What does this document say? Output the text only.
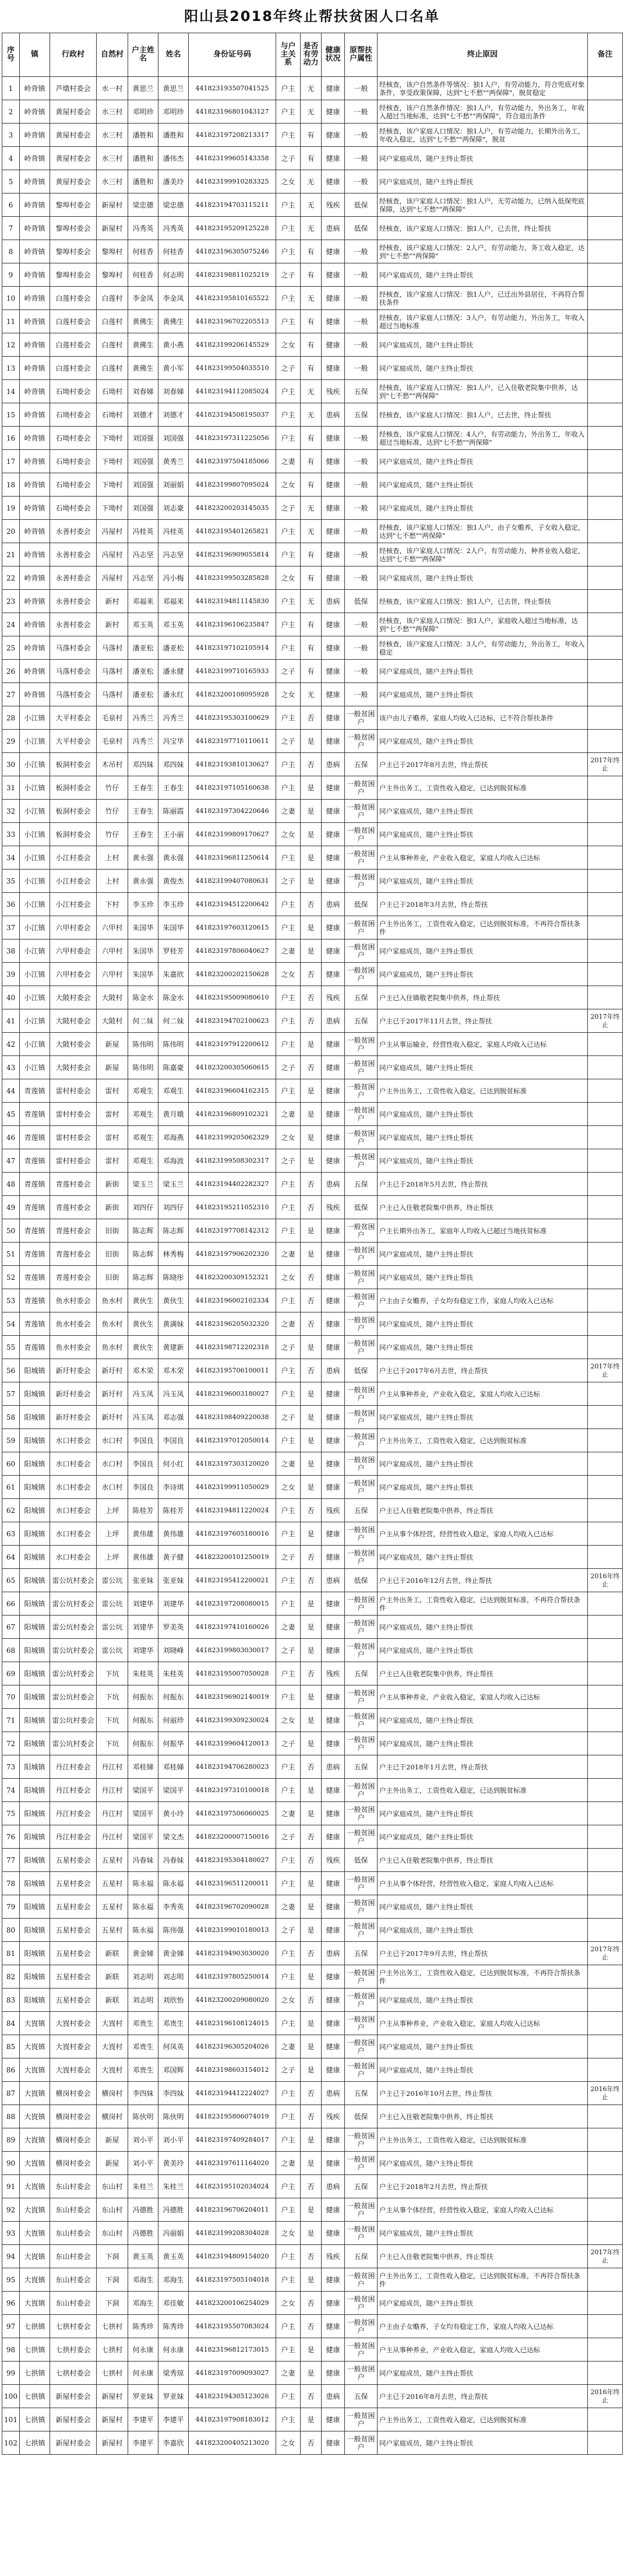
阳山县2018年终止帮扶贫困人口名单
序号	镇	行政村	自然村	户主姓名	姓名	身份证号码	与户主关系	是否有劳动力	健康状况	原帮扶户属性	终止原因	备注
1	岭背镇	芦墩村委会	水一村	黄思兰	黄思兰	441823193507041525	户主	无	健康	一般	经核查，该户自然条件等情况：独1人户，有劳动能力，符合兜底对象条件，享受政策保障，达到"七不愁""两保障"，脱贫稳定	
2	岭背镇	黄屋村委会	水三村	邓明珍	邓明珍	441823196801043127	户主	无	健康	一般	经核查，该户自然条件情况：独1人户，有劳动能力，外出务工，年收入超过当地标准，达到"七不愁""两保障"，符合退出条件	
3	岭背镇	黄屋村委会	水三村	潘胜和	潘胜和	441823197208213317	户主	有	健康	一般	经核查，该户家庭人口情况：独1人户，有劳动能力，长期外出务工，年收入稳定，达到"七不愁""两保障"，脱贫	
4	岭背镇	黄屋村委会	水三村	潘胜和	潘伟杰	441823199605143358	之子	有	健康	一般	同户家庭成员，随户主终止帮扶	
5	岭背镇	黄屋村委会	水三村	潘胜和	潘美玲	441823199910283325	之女	无	健康	一般	同户家庭成员，随户主终止帮扶	
6	岭背镇	黎埠村委会	新屋村	梁忠德	梁忠德	441823194703115211	户主	无	残疾	低保	经核查，该户家庭人口情况：独1人户，无劳动能力，已纳入低保兜底保障，达到"七不愁""两保障"	
7	岭背镇	黎埠村委会	新屋村	冯秀英	冯秀英	441823195209125228	户主	无	患病	低保	经核查，该户家庭人口情况：独1人户，已去世，终止帮扶	
8	岭背镇	黎埠村委会	黎埠村	何桂香	何桂香	441823196305075246	户主	有	健康	一般	经核查，该户家庭人口情况：2人户，有劳动能力，务工收入稳定，达到"七不愁""两保障"	
9	岭背镇	黎埠村委会	黎埠村	何桂香	何志明	441823198811025219	之子	有	健康	一般	同户家庭成员，随户主终止帮扶	
10	岭背镇	白莲村委会	白莲村	李金凤	李金凤	441823195810165522	户主	无	健康	一般	经核查，该户家庭人口情况：独1人户，已迁出外县居住，不再符合帮扶条件	
11	岭背镇	白莲村委会	白莲村	黄佛生	黄佛生	441823196702205513	户主	有	健康	一般	经核查，该户家庭人口情况：3人户，有劳动能力，外出务工，年收入超过当地标准	
12	岭背镇	白莲村委会	白莲村	黄佛生	黄小燕	441823199206145529	之女	有	健康	一般	同户家庭成员，随户主终止帮扶	
13	岭背镇	白莲村委会	白莲村	黄佛生	黄小军	441823199504035510	之子	有	健康	一般	同户家庭成员，随户主终止帮扶	
14	岭背镇	石坳村委会	石坳村	刘春娣	刘春娣	441823194112085024	户主	无	残疾	五保	经核查，该户家庭人口情况：独1人户，已入住敬老院集中供养，达到"七不愁""两保障"	
15	岭背镇	石坳村委会	石坳村	刘德才	刘德才	441823194508195037	户主	无	患病	五保	经核查，该户家庭人口情况：独1人户，已去世，终止帮扶	
16	岭背镇	石坳村委会	下坳村	刘国强	刘国强	441823197311225056	户主	有	健康	一般	经核查，该户家庭人口情况：4人户，有劳动能力，外出务工，年收入超过当地标准，达到"七不愁""两保障"	
17	岭背镇	石坳村委会	下坳村	刘国强	黄秀兰	441823197504185066	之妻	有	健康	一般	同户家庭成员，随户主终止帮扶	
18	岭背镇	石坳村委会	下坳村	刘国强	刘丽娟	441823199807095024	之女	有	健康	一般	同户家庭成员，随户主终止帮扶	
19	岭背镇	石坳村委会	下坳村	刘国强	刘志豪	441823200203145035	之子	无	健康	一般	同户家庭成员，随户主终止帮扶	
20	岭背镇	永善村委会	冯屋村	冯桂英	冯桂英	441823195401265821	户主	无	健康	一般	经核查，该户家庭人口情况：独1人户，由子女赡养，子女收入稳定，达到"七不愁""两保障"	
21	岭背镇	永善村委会	冯屋村	冯志坚	冯志坚	441823196909055814	户主	有	健康	一般	经核查，该户家庭人口情况：2人户，有劳动能力，种养业收入稳定，达到"七不愁""两保障"	
22	岭背镇	永善村委会	冯屋村	冯志坚	冯小梅	441823199503285828	之女	有	健康	一般	同户家庭成员，随户主终止帮扶	
23	岭背镇	永善村委会	新村	邓福来	邓福来	441823194811145830	户主	无	患病	低保	经核查，该户家庭人口情况：独1人户，已去世，终止帮扶	
24	岭背镇	永善村委会	新村	邓玉英	邓玉英	441823196106235847	户主	有	健康	一般	经核查，该户家庭人口情况：独1人户，家庭收入超过当地标准，达到"七不愁""两保障"	
25	岭背镇	马落村委会	马落村	潘亚松	潘亚松	441823197102105914	户主	有	健康	一般	经核查，该户家庭人口情况：3人户，有劳动能力，外出务工，年收入稳定	
26	岭背镇	马落村委会	马落村	潘亚松	潘永健	441823199710165933	之子	有	健康	一般	同户家庭成员，随户主终止帮扶	
27	岭背镇	马落村委会	马落村	潘亚松	潘永红	441823200108095928	之女	无	健康	一般	同户家庭成员，随户主终止帮扶	
28	小江镇	大平村委会	毛泉村	冯秀兰	冯秀兰	441823195303100629	户主	否	健康	一般贫困户	该户由儿子赡养，家庭人均收入已达标，已不符合帮扶条件	
29	小江镇	大平村委会	毛泉村	冯秀兰	冯宝华	441823197710110611	之子	是	健康	一般贫困户	同户家庭成员，随户主终止帮扶	
30	小江镇	板洞村委会	木吊村	邓四妹	邓四妹	441823193810130627	户主	否	患病	五保	户主已于2017年8月去世，终止帮扶	2017年终止
31	小江镇	板洞村委会	竹仔	王春生	王春生	441823197105160638	户主	是	健康	一般贫困户	户主外出务工，工资性收入稳定，已达到脱贫标准	
32	小江镇	板洞村委会	竹仔	王春生	陈丽霞	441823197304220646	之妻	是	健康	一般贫困户	同户家庭成员，随户主终止帮扶	
33	小江镇	板洞村委会	竹仔	王春生	王小丽	441823199809170627	之女	是	健康	一般贫困户	同户家庭成员，随户主终止帮扶	
34	小江镇	小江村委会	上村	黄永强	黄永强	441823196811250614	户主	是	健康	一般贫困户	户主从事种养业，产业收入稳定，家庭人均收入已达标	
35	小江镇	小江村委会	上村	黄永强	黄俊杰	441823199407080631	之子	是	健康	一般贫困户	同户家庭成员，随户主终止帮扶	
36	小江镇	小江村委会	下村	李玉珍	李玉珍	441823194512200642	户主	否	患病	低保	户主已于2018年3月去世，终止帮扶	
37	小江镇	六甲村委会	六甲村	朱国华	朱国华	441823197603120615	户主	是	健康	一般贫困户	户主外出务工，工资性收入稳定，已达到脱贫标准，不再符合帮扶条件	
38	小江镇	六甲村委会	六甲村	朱国华	罗桂芳	441823197806040627	之妻	是	健康	一般贫困户	同户家庭成员，随户主终止帮扶	
39	小江镇	六甲村委会	六甲村	朱国华	朱嘉欣	441823200202150628	之女	否	健康	一般贫困户	同户家庭成员，随户主终止帮扶	
40	小江镇	大陂村委会	大陂村	陈金水	陈金水	441823195009080610	户主	否	残疾	五保	户主已入住镇敬老院集中供养，终止帮扶	
41	小江镇	大陂村委会	大陂村	何二妹	何二妹	441823194702100623	户主	否	患病	五保	户主已于2017年11月去世，终止帮扶	2017年终止
42	小江镇	大陂村委会	新屋	陈伟明	陈伟明	441823197912200612	户主	是	健康	一般贫困户	户主从事运输业，经营性收入稳定，家庭人均收入已达标	
43	小江镇	大陂村委会	新屋	陈伟明	陈嘉豪	441823200305060615	之子	否	健康	一般贫困户	同户家庭成员，随户主终止帮扶	
44	青莲镇	雷村村委会	雷村	邓观生	邓观生	441823196604162315	户主	是	健康	一般贫困户	户主外出务工，工资性收入稳定，已达到脱贫标准	
45	青莲镇	雷村村委会	雷村	邓观生	黄月娥	441823196809102321	之妻	是	健康	一般贫困户	同户家庭成员，随户主终止帮扶	
46	青莲镇	雷村村委会	雷村	邓观生	邓海燕	441823199205062329	之女	是	健康	一般贫困户	同户家庭成员，随户主终止帮扶	
47	青莲镇	雷村村委会	雷村	邓观生	邓海波	441823199508302317	之子	是	健康	一般贫困户	同户家庭成员，随户主终止帮扶	
48	青莲镇	青莲村委会	新街	梁玉兰	梁玉兰	441823194402282327	户主	否	患病	五保	户主已于2018年5月去世，终止帮扶	
49	青莲镇	青莲村委会	新街	刘四仔	刘四仔	441823195211052310	户主	否	残疾	低保	户主已入住敬老院集中供养，终止帮扶	
50	青莲镇	青莲村委会	旧街	陈志辉	陈志辉	441823197708142312	户主	是	健康	一般贫困户	户主长期外出务工，家庭年人均收入已超过当地扶贫标准	
51	青莲镇	青莲村委会	旧街	陈志辉	林秀梅	441823197906202320	之妻	是	健康	一般贫困户	同户家庭成员，随户主终止帮扶	
52	青莲镇	青莲村委会	旧街	陈志辉	陈晓彤	441823200309152321	之女	否	健康	一般贫困户	同户家庭成员，随户主终止帮扶	
53	青莲镇	鱼水村委会	鱼水村	黄伙生	黄伙生	441823196002102334	户主	否	健康	一般贫困户	户主由子女赡养，子女均有稳定工作，家庭人均收入已达标	
54	青莲镇	鱼水村委会	鱼水村	黄伙生	黄满妹	441823196205032320	之妻	否	健康	一般贫困户	同户家庭成员，随户主终止帮扶	
55	青莲镇	鱼水村委会	鱼水村	黄伙生	黄建新	441823198712202318	之子	是	健康	一般贫困户	同户家庭成员，随户主终止帮扶	
56	阳城镇	新圩村委会	新圩村	邓木荣	邓木荣	441823195706100011	户主	否	患病	低保	户主已于2017年6月去世，终止帮扶	2017年终止
57	阳城镇	新圩村委会	新圩村	冯玉凤	冯玉凤	441823196003180027	户主	是	健康	一般贫困户	户主从事种养业，产业收入稳定，家庭人均收入已达标	
58	阳城镇	新圩村委会	新圩村	冯玉凤	邓志强	441823198409220038	之子	是	健康	一般贫困户	同户家庭成员，随户主终止帮扶	
59	阳城镇	水口村委会	水口村	李国良	李国良	441823197012050014	户主	是	健康	一般贫困户	户主外出务工，工资性收入稳定，已达到脱贫标准	
60	阳城镇	水口村委会	水口村	李国良	何小红	441823197303120020	之妻	是	健康	一般贫困户	同户家庭成员，随户主终止帮扶	
61	阳城镇	水口村委会	水口村	李国良	李诗琪	441823199911050029	之女	是	健康	一般贫困户	同户家庭成员，随户主终止帮扶	
62	阳城镇	水口村委会	上坪	陈桂芳	陈桂芳	441823194811220024	户主	否	残疾	五保	户主已入住敬老院集中供养，终止帮扶	
63	阳城镇	水口村委会	上坪	黄伟雄	黄伟雄	441823197605180016	户主	是	健康	一般贫困户	户主从事个体经营，经营性收入稳定，家庭人均收入已达标	
64	阳城镇	水口村委会	上坪	黄伟雄	黄子健	441823200101250019	之子	否	健康	一般贫困户	同户家庭成员，随户主终止帮扶	
65	阳城镇	雷公坑村委会	雷公坑	张亚妹	张亚妹	441823195412200021	户主	否	患病	低保	户主已于2016年12月去世，终止帮扶	2016年终止
66	阳城镇	雷公坑村委会	雷公坑	刘建华	刘建华	441823197208080015	户主	是	健康	一般贫困户	户主外出务工，工资性收入稳定，已达到脱贫标准，不再符合帮扶条件	
67	阳城镇	雷公坑村委会	雷公坑	刘建华	罗美英	441823197410160026	之妻	是	健康	一般贫困户	同户家庭成员，随户主终止帮扶	
68	阳城镇	雷公坑村委会	雷公坑	刘建华	刘晓峰	441823199803030017	之子	是	健康	一般贫困户	同户家庭成员，随户主终止帮扶	
69	阳城镇	雷公坑村委会	下坑	朱桂英	朱桂英	441823195007050028	户主	否	残疾	五保	户主已入住敬老院集中供养，终止帮扶	
70	阳城镇	雷公坑村委会	下坑	何振东	何振东	441823196902140019	户主	是	健康	一般贫困户	户主从事种养业，产业收入稳定，家庭人均收入已达标	
71	阳城镇	雷公坑村委会	下坑	何振东	何丽珍	441823199309230024	之女	是	健康	一般贫困户	同户家庭成员，随户主终止帮扶	
72	阳城镇	雷公坑村委会	下坑	何振东	何振华	441823199604120013	之子	是	健康	一般贫困户	同户家庭成员，随户主终止帮扶	
73	阳城镇	丹江村委会	丹江村	邓桂娣	邓桂娣	441823194706280023	户主	否	患病	五保	户主已于2018年1月去世，终止帮扶	
74	阳城镇	丹江村委会	丹江村	梁国平	梁国平	441823197310100018	户主	是	健康	一般贫困户	户主外出务工，工资性收入稳定，已达到脱贫标准	
75	阳城镇	丹江村委会	丹江村	梁国平	黄小玲	441823197506060025	之妻	是	健康	一般贫困户	同户家庭成员，随户主终止帮扶	
76	阳城镇	丹江村委会	丹江村	梁国平	梁文杰	441823200007150016	之子	否	健康	一般贫困户	同户家庭成员，随户主终止帮扶	
77	阳城镇	五星村委会	五星村	冯春妹	冯春妹	441823195304180027	户主	否	残疾	低保	户主已入住敬老院集中供养，终止帮扶	
78	阳城镇	五星村委会	五星村	陈永福	陈永福	441823196511200011	户主	是	健康	一般贫困户	户主从事个体经营，经营性收入稳定，家庭人均收入已达标	
79	阳城镇	五星村委会	五星村	陈永福	李秀英	441823196702090028	之妻	是	健康	一般贫困户	同户家庭成员，随户主终止帮扶	
80	阳城镇	五星村委会	五星村	陈永福	陈伟强	441823199010180013	之子	是	健康	一般贫困户	同户家庭成员，随户主终止帮扶	
81	阳城镇	五星村委会	新联	黄金娣	黄金娣	441823194903030020	户主	否	患病	五保	户主已于2017年9月去世，终止帮扶	2017年终止
82	阳城镇	五星村委会	新联	刘志明	刘志明	441823197805250014	户主	是	健康	一般贫困户	户主外出务工，工资性收入稳定，已达到脱贫标准，不再符合帮扶条件	
83	阳城镇	五星村委会	新联	刘志明	刘欣怡	441823200209080020	之女	否	健康	一般贫困户	同户家庭成员，随户主终止帮扶	
84	大崀镇	大崀村委会	大崀村	邓贵生	邓贵生	441823196108124015	户主	是	健康	一般贫困户	户主从事种养业，产业收入稳定，家庭人均收入已达标	
85	大崀镇	大崀村委会	大崀村	邓贵生	何凤英	441823196305204026	之妻	是	健康	一般贫困户	同户家庭成员，随户主终止帮扶	
86	大崀镇	大崀村委会	大崀村	邓贵生	邓国辉	441823198603154012	之子	是	健康	一般贫困户	同户家庭成员，随户主终止帮扶	
87	大崀镇	横岗村委会	横岗村	李四妹	李四妹	441823194412224027	户主	否	患病	五保	户主已于2016年10月去世，终止帮扶	2016年终止
88	大崀镇	横岗村委会	横岗村	陈伙明	陈伙明	441823195806074019	户主	否	残疾	低保	户主已入住敬老院集中供养，终止帮扶	
89	大崀镇	横岗村委会	新屋	刘小平	刘小平	441823197409284017	户主	是	健康	一般贫困户	户主外出务工，工资性收入稳定，已达到脱贫标准	
90	大崀镇	横岗村委会	新屋	刘小平	黄美玲	441823197611164020	之妻	是	健康	一般贫困户	同户家庭成员，随户主终止帮扶	
91	大崀镇	东山村委会	东山村	朱桂兰	朱桂兰	441823195102034024	户主	否	患病	五保	户主已于2018年2月去世，终止帮扶	
92	大崀镇	东山村委会	东山村	冯德胜	冯德胜	441823196706204011	户主	是	健康	一般贫困户	户主从事个体经营，经营性收入稳定，家庭人均收入已达标	
93	大崀镇	东山村委会	东山村	冯德胜	冯丽娟	441823199208304028	之女	是	健康	一般贫困户	同户家庭成员，随户主终止帮扶	
94	大崀镇	东山村委会	下洞	黄玉英	黄玉英	441823194809154020	户主	否	残疾	五保	户主已入住敬老院集中供养，终止帮扶	2017年终止
95	大崀镇	东山村委会	下洞	邓海生	邓海生	441823197505104018	户主	是	健康	一般贫困户	户主外出务工，工资性收入稳定，已达到脱贫标准，不再符合帮扶条件	
96	大崀镇	东山村委会	下洞	邓海生	邓佳敏	441823200106254029	之女	否	健康	一般贫困户	同户家庭成员，随户主终止帮扶	
97	七拱镇	七拱村委会	七拱村	陈秀珍	陈秀珍	441823195507083024	户主	否	健康	一般贫困户	户主由子女赡养，子女均有稳定工作，家庭人均收入已达标	
98	七拱镇	七拱村委会	七拱村	何永康	何永康	441823196812173015	户主	是	健康	一般贫困户	户主从事种养业，产业收入稳定，家庭人均收入已达标	
99	七拱镇	七拱村委会	七拱村	何永康	梁秀琼	441823197009093027	之妻	是	健康	一般贫困户	同户家庭成员，随户主终止帮扶	
100	七拱镇	新屋村委会	新屋村	罗亚妹	罗亚妹	441823194305123026	户主	否	患病	五保	户主已于2016年8月去世，终止帮扶	2016年终止
101	七拱镇	新屋村委会	新屋村	李建平	李建平	441823197908183012	户主	是	健康	一般贫困户	户主外出务工，工资性收入稳定，已达到脱贫标准	
102	七拱镇	新屋村委会	新屋村	李建平	李嘉欣	441823200405213020	之女	否	健康	一般贫困户	同户家庭成员，随户主终止帮扶	
